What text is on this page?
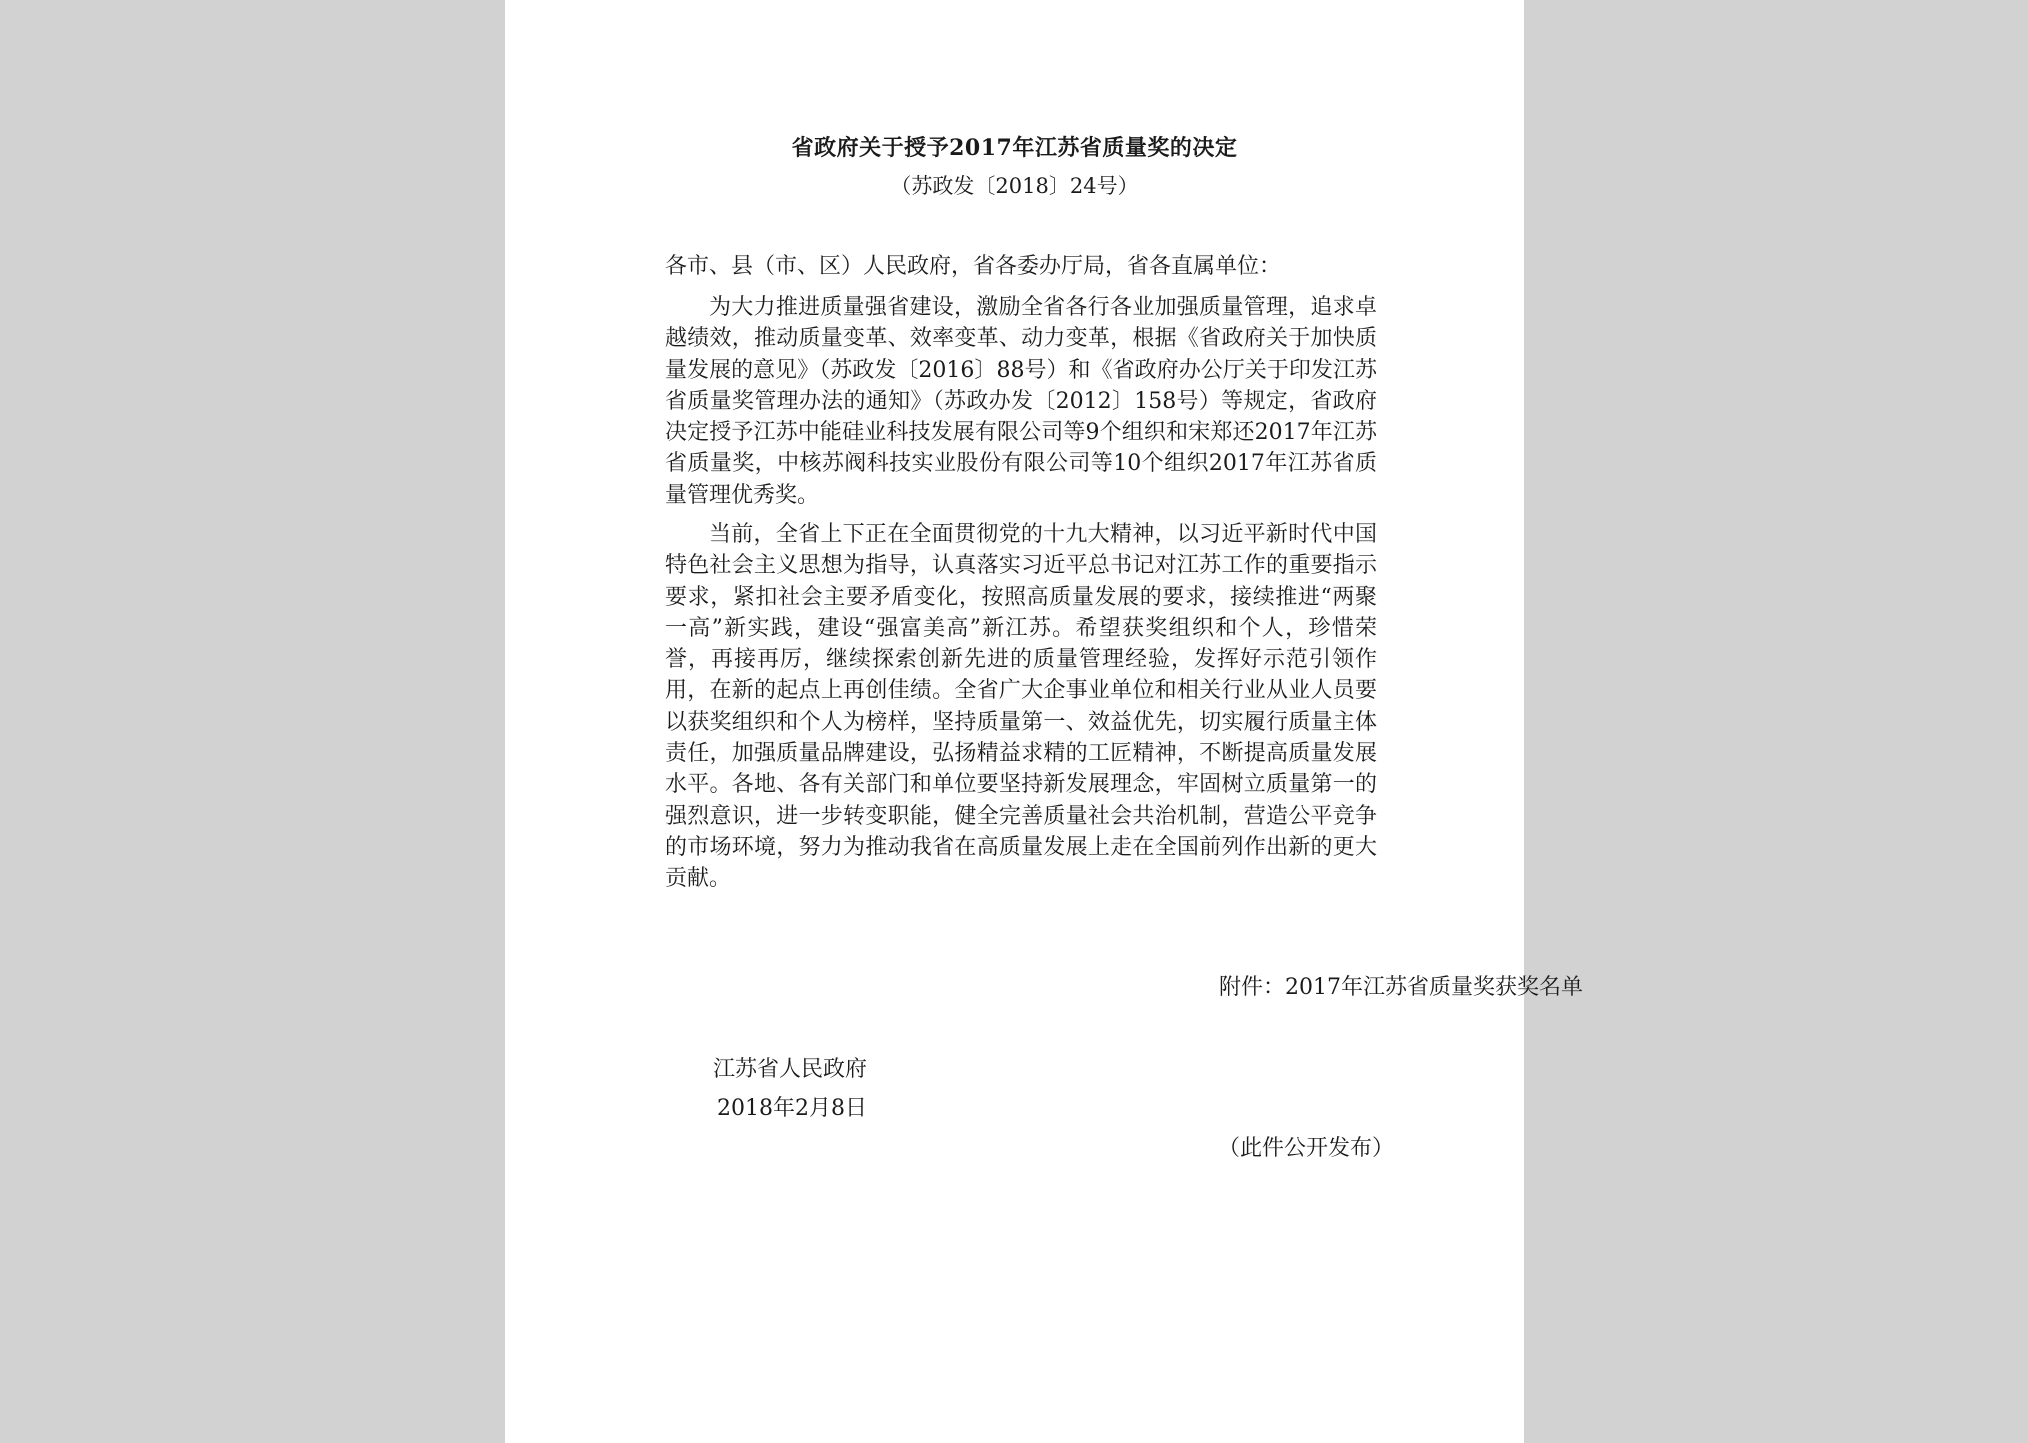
省政府关于授予2017年江苏省质量奖的决定
（苏政发〔2018〕24号）
各市、县（市、区）人民政府，省各委办厅局，省各直属单位：

为大力推进质量强省建设，激励全省各行各业加强质量管理，追求卓越绩效，推动质量变革、效率变革、动力变革，根据《省政府关于加快质量发展的意见》（苏政发〔2016〕88号）和《省政府办公厅关于印发江苏省质量奖管理办法的通知》（苏政办发〔2012〕158号）等规定，省政府决定授予江苏中能硅业科技发展有限公司等9个组织和宋郑还2017年江苏省质量奖，中核苏阀科技实业股份有限公司等10个组织2017年江苏省质量管理优秀奖。

当前，全省上下正在全面贯彻党的十九大精神，以习近平新时代中国特色社会主义思想为指导，认真落实习近平总书记对江苏工作的重要指示要求，紧扣社会主要矛盾变化，按照高质量发展的要求，接续推进“两聚一高”新实践，建设“强富美高”新江苏。希望获奖组织和个人，珍惜荣誉，再接再厉，继续探索创新先进的质量管理经验，发挥好示范引领作用，在新的起点上再创佳绩。全省广大企事业单位和相关行业从业人员要以获奖组织和个人为榜样，坚持质量第一、效益优先，切实履行质量主体责任，加强质量品牌建设，弘扬精益求精的工匠精神，不断提高质量发展水平。各地、各有关部门和单位要坚持新发展理念，牢固树立质量第一的强烈意识，进一步转变职能，健全完善质量社会共治机制，营造公平竞争的市场环境，努力为推动我省在高质量发展上走在全国前列作出新的更大贡献。

附件：2017年江苏省质量奖获奖名单
江苏省人民政府
2018年2月8日
（此件公开发布）
